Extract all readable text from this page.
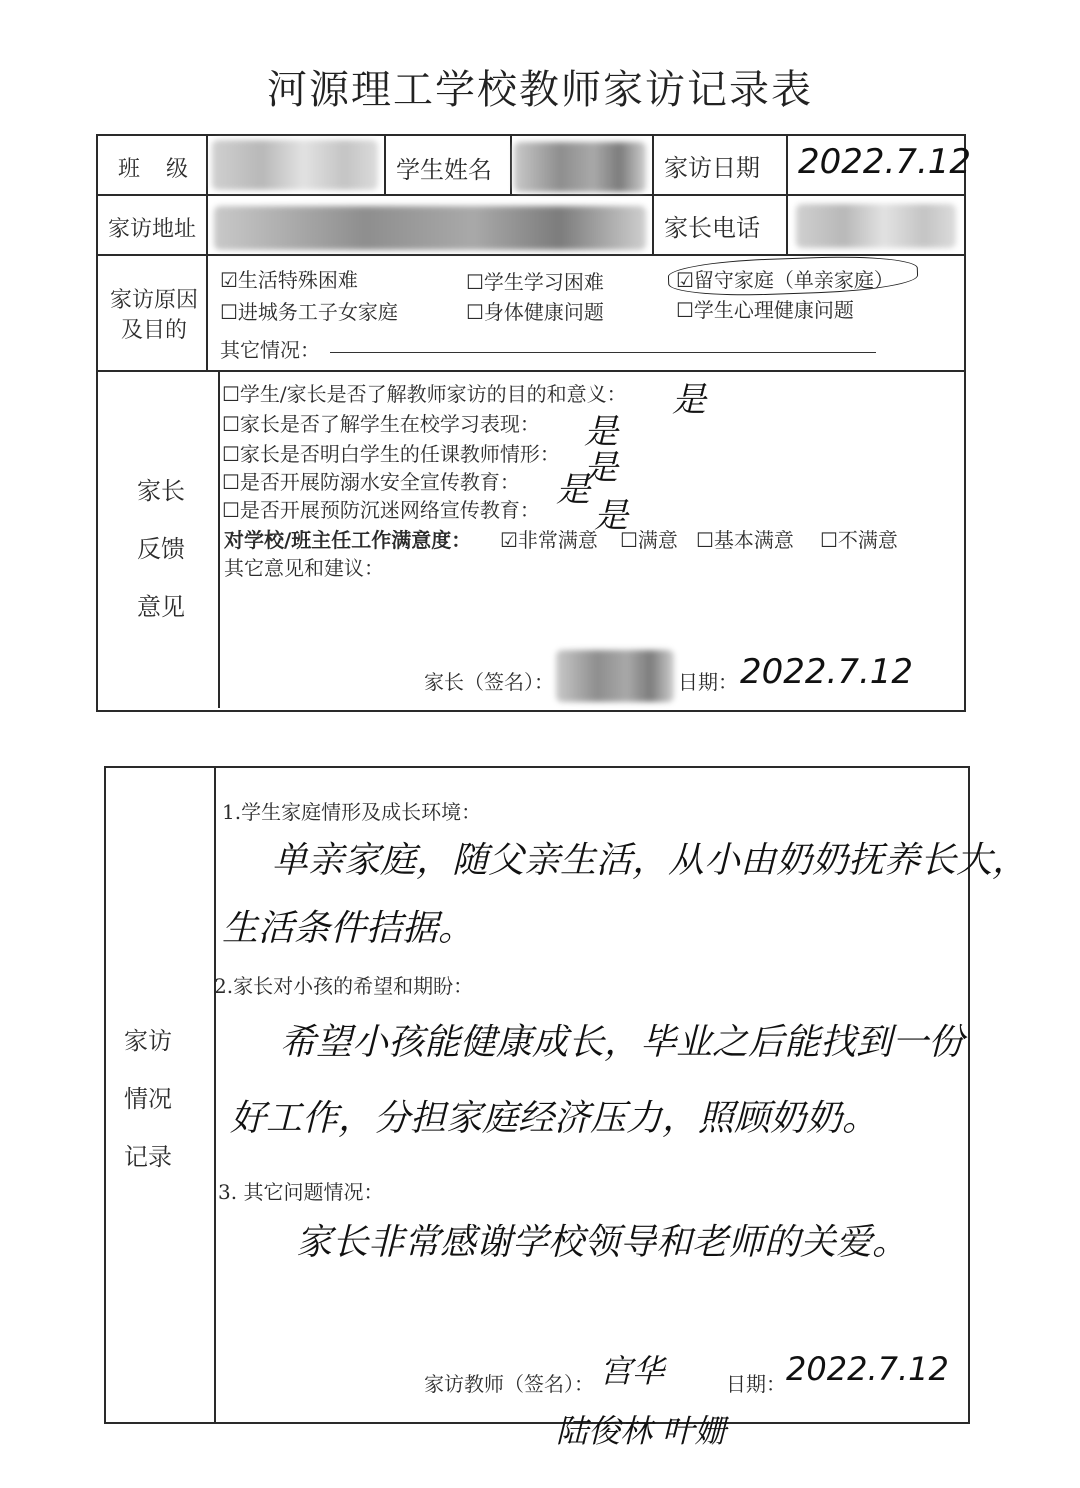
河源理工学校教师家访记录表
班  级	学生姓名	家访日期 2022.7.12
家访地址	家长电话
家访原因及目的
☑生活特殊困难	☐学生学习困难	☑留守家庭（单亲家庭）
☐进城务工子女家庭	☐身体健康问题	☐学生心理健康问题
其它情况：
家长反馈意见
☐学生/家长是否了解教师家访的目的和意义： 是
☐家长是否了解学生在校学习表现： 是
☐家长是否明白学生的任课教师情形： 是
☐是否开展防溺水安全宣传教育： 是
☐是否开展预防沉迷网络宣传教育： 是
对学校/班主任工作满意度： ☑非常满意 ☐满意 ☐基本满意 ☐不满意
其它意见和建议：
家长（签名）：	日期： 2022.7.12
家访情况记录
1.学生家庭情形及成长环境：
单亲家庭，随父亲生活，从小由奶奶抚养长大，
生活条件拮据。
2.家长对小孩的希望和期盼：
希望小孩能健康成长，毕业之后能找到一份
好工作，分担家庭经济压力，照顾奶奶。
3. 其它问题情况：
家长非常感谢学校领导和老师的关爱。
家访教师（签名）： 宫华	日期： 2022.7.12
陆俊林 叶姗
